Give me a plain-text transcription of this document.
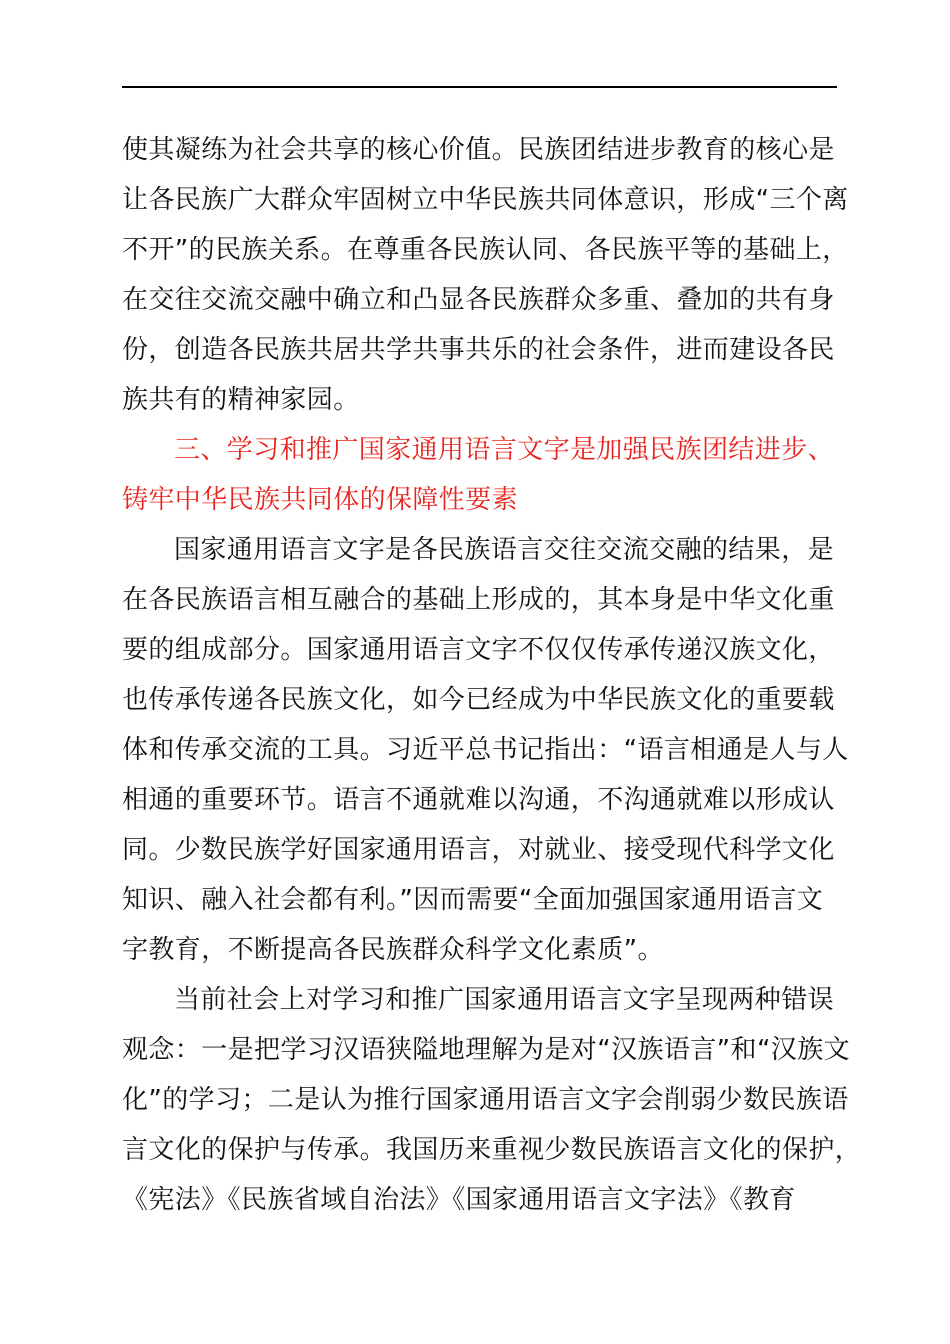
使其凝练为社会共享的核心价值。民族团结进步教育的核心是
让各民族广大群众牢固树立中华民族共同体意识，形成“三个离
不开”的民族关系。在尊重各民族认同、各民族平等的基础上，
在交往交流交融中确立和凸显各民族群众多重、叠加的共有身
份，创造各民族共居共学共事共乐的社会条件，进而建设各民
族共有的精神家园。
三、学习和推广国家通用语言文字是加强民族团结进步、
铸牢中华民族共同体的保障性要素
国家通用语言文字是各民族语言交往交流交融的结果，是
在各民族语言相互融合的基础上形成的，其本身是中华文化重
要的组成部分。国家通用语言文字不仅仅传承传递汉族文化，
也传承传递各民族文化，如今已经成为中华民族文化的重要载
体和传承交流的工具。习近平总书记指出：“语言相通是人与人
相通的重要环节。语言不通就难以沟通，不沟通就难以形成认
同。少数民族学好国家通用语言，对就业、接受现代科学文化
知识、融入社会都有利。”因而需要“全面加强国家通用语言文
字教育，不断提高各民族群众科学文化素质”。
当前社会上对学习和推广国家通用语言文字呈现两种错误
观念：一是把学习汉语狭隘地理解为是对“汉族语言”和“汉族文
化”的学习；二是认为推行国家通用语言文字会削弱少数民族语
言文化的保护与传承。我国历来重视少数民族语言文化的保护，
《宪法》《民族省域自治法》《国家通用语言文字法》《教育
